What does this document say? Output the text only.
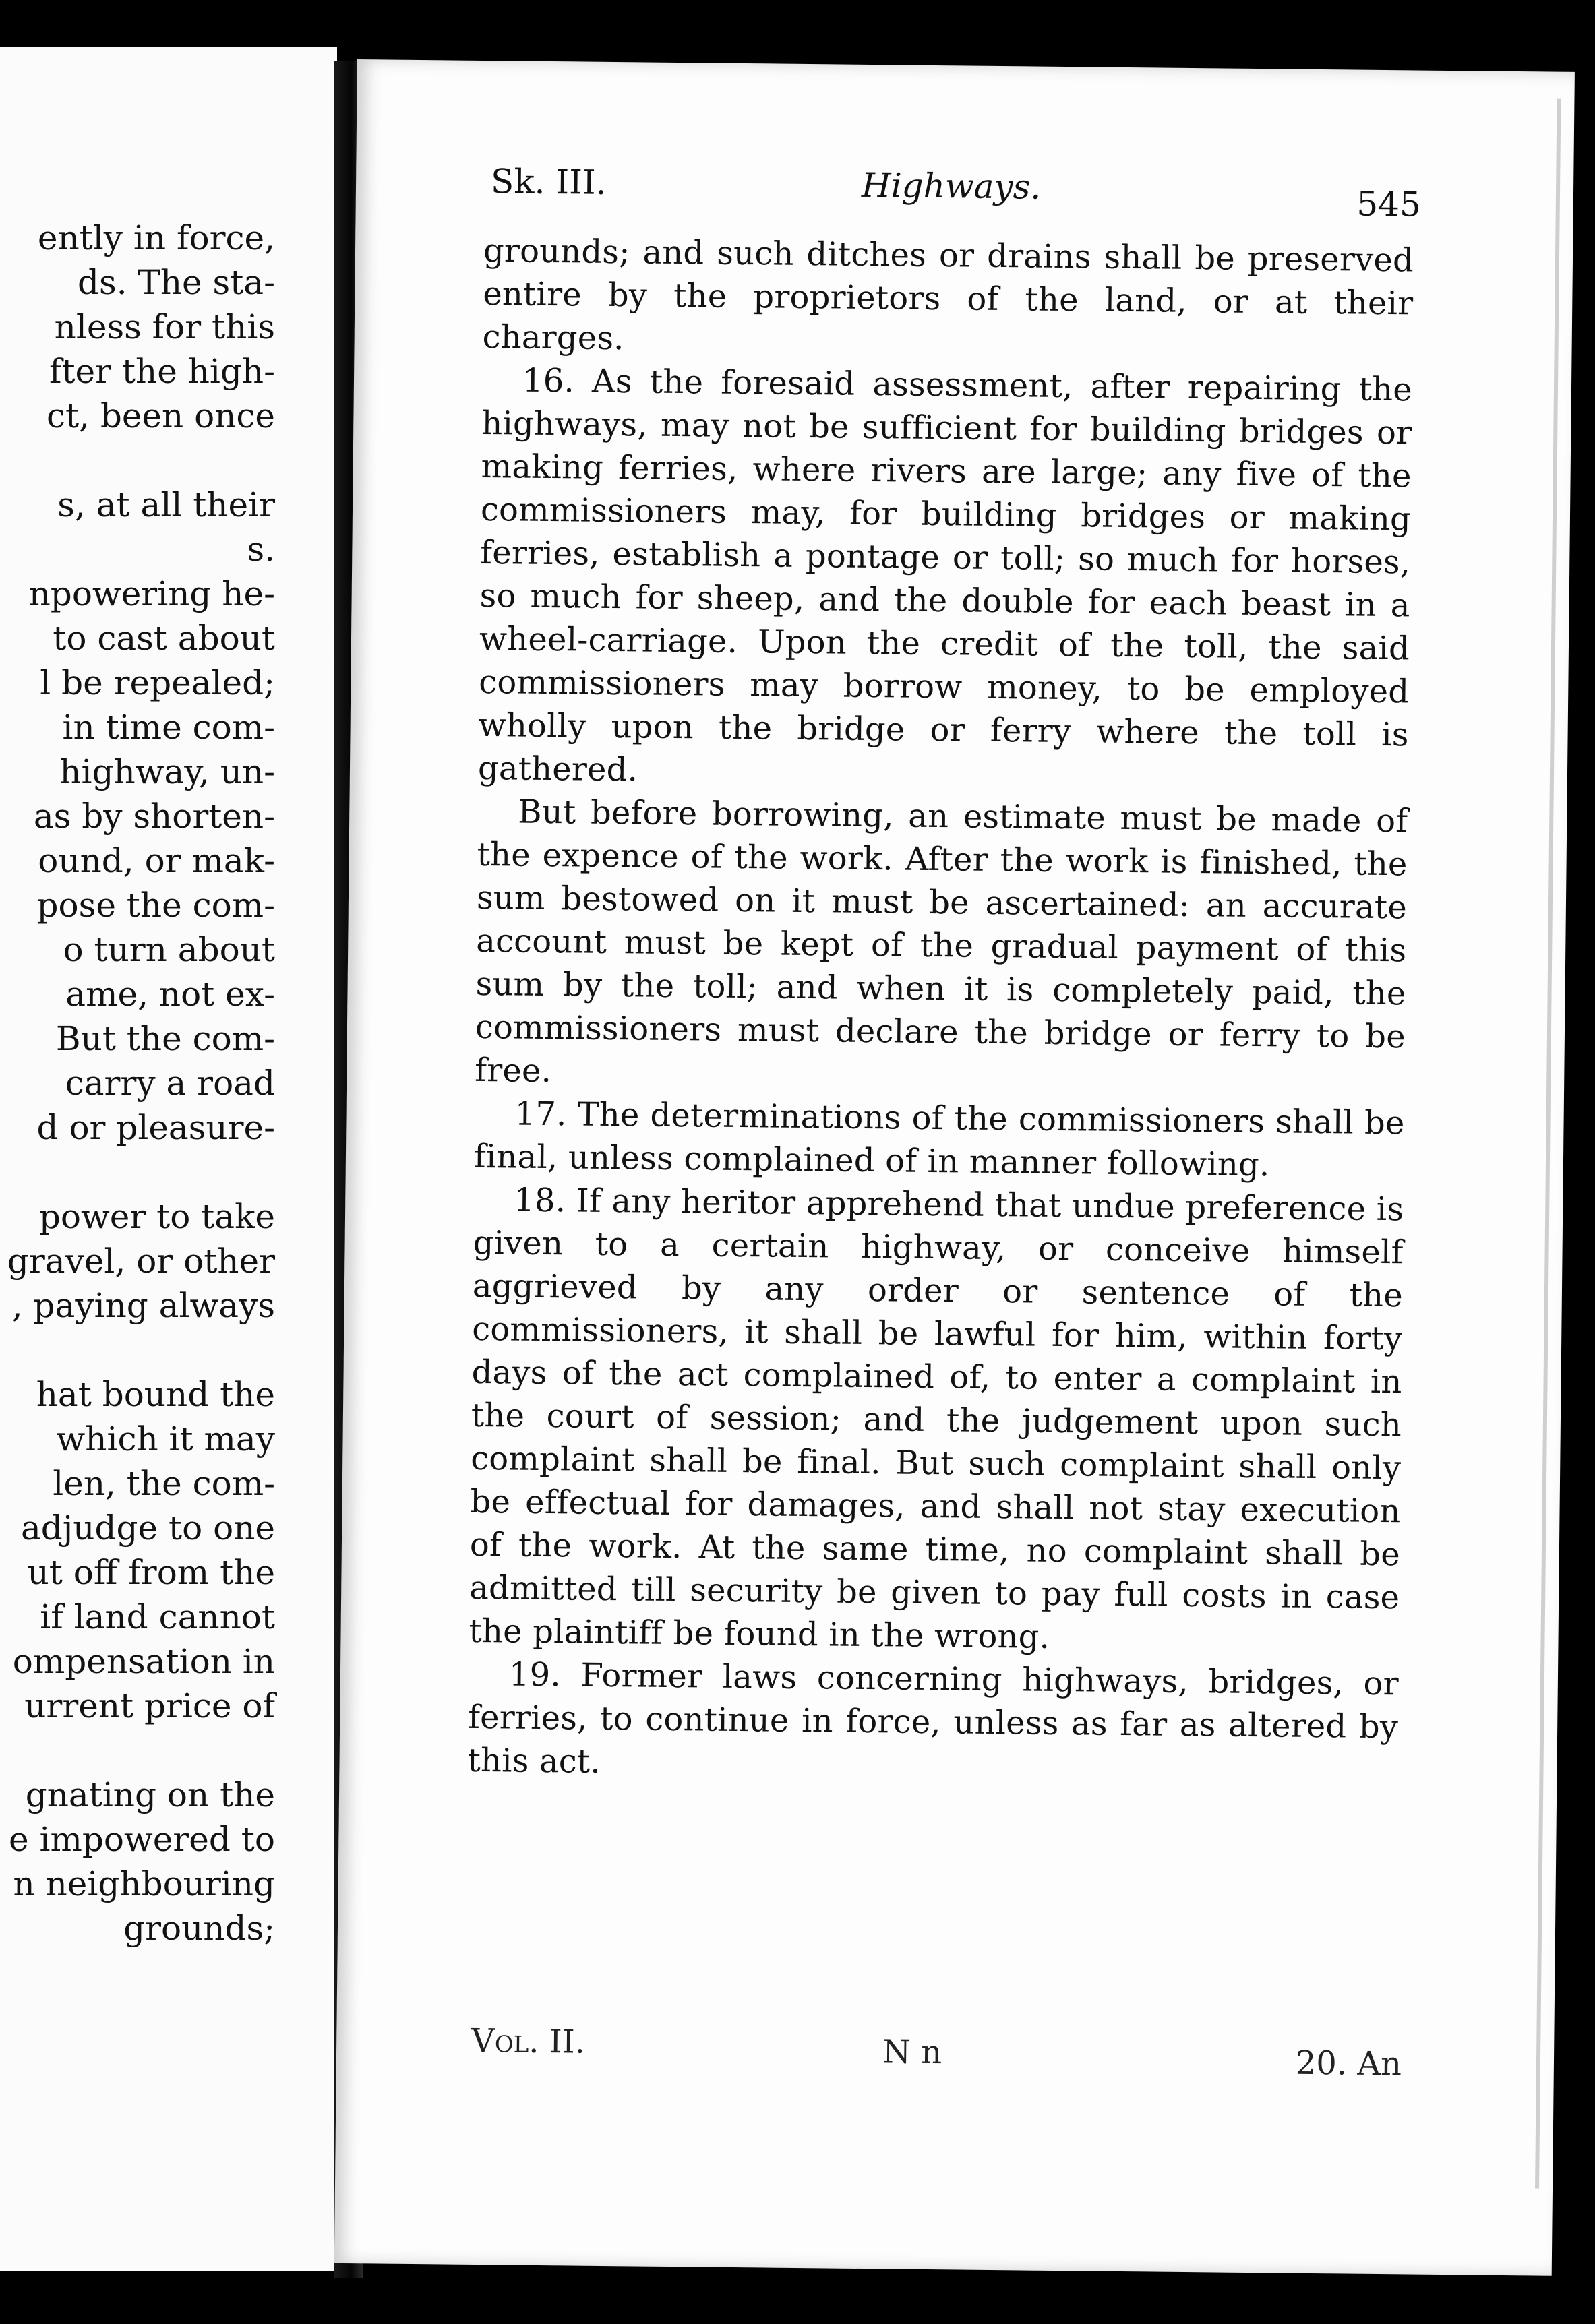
ently in force,
ds. The sta-
nless for this
fter the high-
ct, been once
s, at all their
s.
npowering he-
to cast about
l be repealed;
in time com-
highway, un-
as by shorten-
ound, or mak-
pose the com-
o turn about
ame, not ex-
But the com-
carry a road
d or pleasure-
power to take
gravel, or other
, paying always
hat bound the
which it may
len, the com-
adjudge to one
ut off from the
if land cannot
ompensation in
urrent price of
gnating on the
e impowered to
n neighbouring
grounds;
Sk. III.	Highways.	545

grounds; and such ditches or drains shall be preserved entire by the proprietors of the land, or at their charges.

16. As the foresaid assessment, after repairing the highways, may not be sufficient for building bridges or making ferries, where rivers are large; any five of the commissioners may, for building bridges or making ferries, establish a pontage or toll; so much for horses, so much for sheep, and the double for each beast in a wheel-carriage. Upon the credit of the toll, the said commissioners may borrow money, to be employed wholly upon the bridge or ferry where the toll is gathered.

But before borrowing, an estimate must be made of the expence of the work. After the work is finished, the sum bestowed on it must be ascertained: an accurate account must be kept of the gradual payment of this sum by the toll; and when it is completely paid, the commissioners must declare the bridge or ferry to be free.

17. The determinations of the commissioners shall be final, unless complained of in manner following.

18. If any heritor apprehend that undue preference is given to a certain highway, or conceive himself aggrieved by any order or sentence of the commissioners, it shall be lawful for him, within forty days of the act complained of, to enter a complaint in the court of session; and the judgement upon such complaint shall be final. But such complaint shall only be effectual for damages, and shall not stay execution of the work. At the same time, no complaint shall be admitted till security be given to pay full costs in case the plaintiff be found in the wrong.

19. Former laws concerning highways, bridges, or ferries, to continue in force, unless as far as altered by this act.

Vol. II.	N n	20. An
